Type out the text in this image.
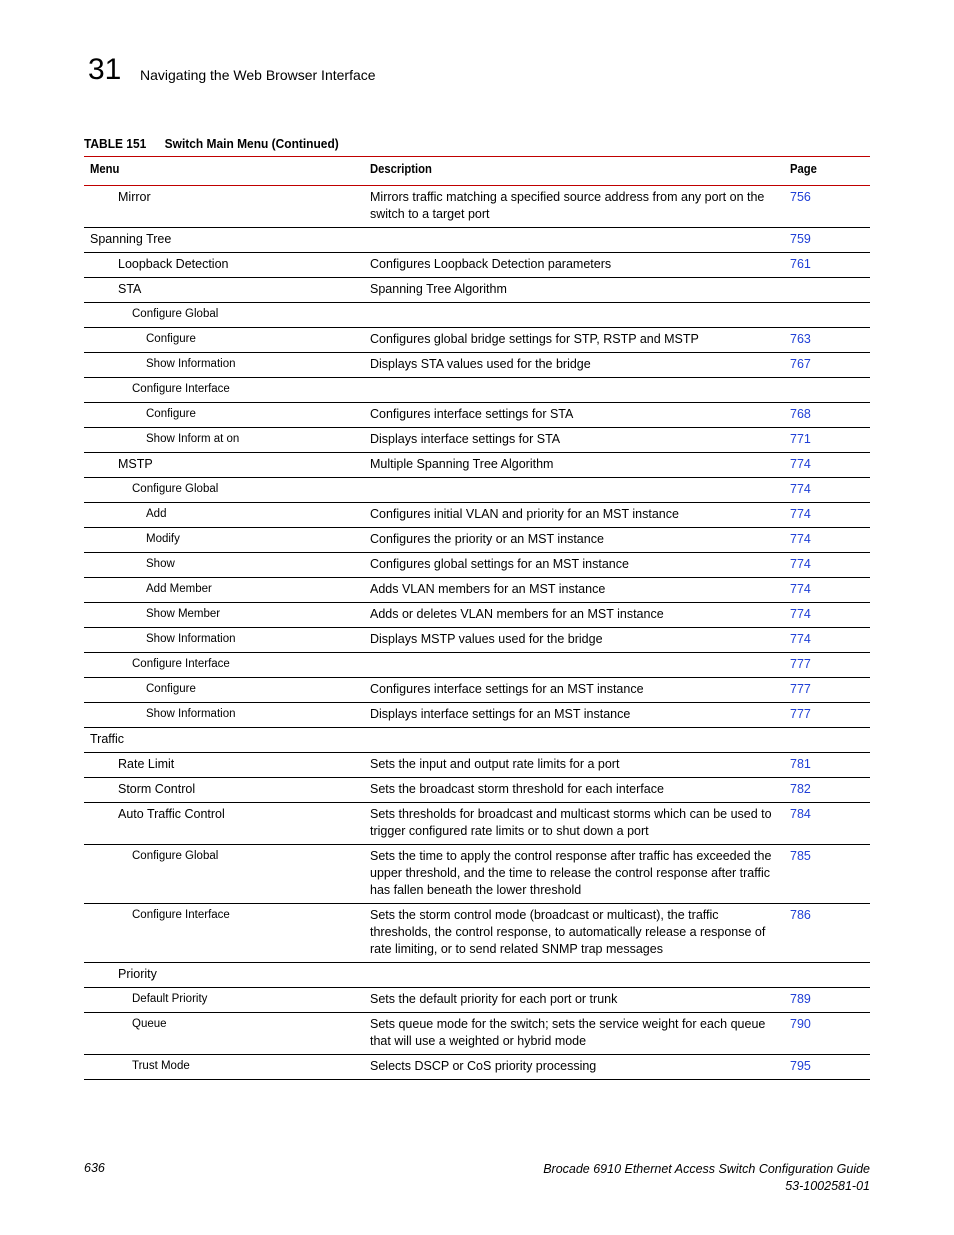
31 Navigating the Web Browser Interface
TABLE 151 Switch Main Menu (Continued)
Menu	Description	Page
Mirror	Mirrors traffic matching a specified source address from any port on the switch to a target port	756
Spanning Tree		759
Loopback Detection	Configures Loopback Detection parameters	761
STA	Spanning Tree Algorithm	
Configure Global		
Configure	Configures global bridge settings for STP, RSTP and MSTP	763
Show Information	Displays STA values used for the bridge	767
Configure Interface		
Configure	Configures interface settings for STA	768
Show Inform at on	Displays interface settings for STA	771
MSTP	Multiple Spanning Tree Algorithm	774
Configure Global		774
Add	Configures initial VLAN and priority for an MST instance	774
Modify	Configures the priority or an MST instance	774
Show	Configures global settings for an MST instance	774
Add Member	Adds VLAN members for an MST instance	774
Show Member	Adds or deletes VLAN members for an MST instance	774
Show Information	Displays MSTP values used for the bridge	774
Configure Interface		777
Configure	Configures interface settings for an MST instance	777
Show Information	Displays interface settings for an MST instance	777
Traffic		
Rate Limit	Sets the input and output rate limits for a port	781
Storm Control	Sets the broadcast storm threshold for each interface	782
Auto Traffic Control	Sets thresholds for broadcast and multicast storms which can be used to trigger configured rate limits or to shut down a port	784
Configure Global	Sets the time to apply the control response after traffic has exceeded the upper threshold, and the time to release the control response after traffic has fallen beneath the lower threshold	785
Configure Interface	Sets the storm control mode (broadcast or multicast), the traffic thresholds, the control response, to automatically release a response of rate limiting, or to send related SNMP trap messages	786
Priority		
Default Priority	Sets the default priority for each port or trunk	789
Queue	Sets queue mode for the switch; sets the service weight for each queue that will use a weighted or hybrid mode	790
Trust Mode	Selects DSCP or CoS priority processing	795
636	Brocade 6910 Ethernet Access Switch Configuration Guide
53-1002581-01
